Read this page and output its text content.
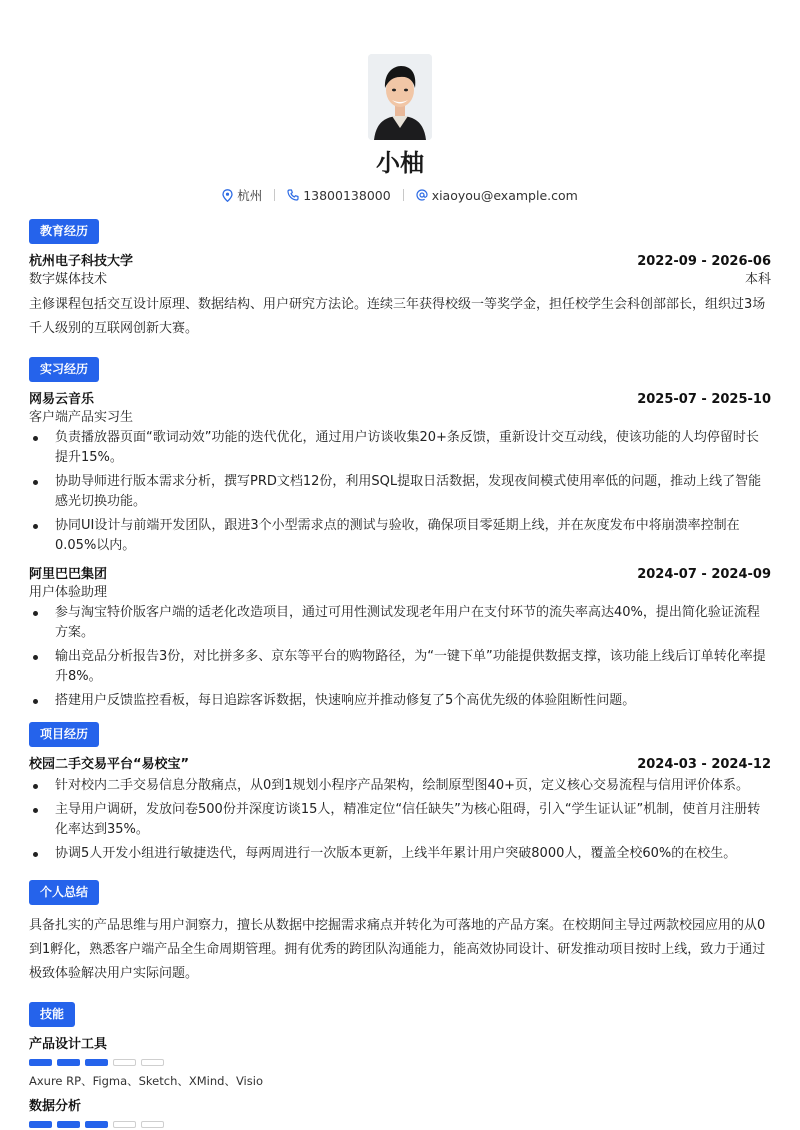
小柚
杭州	13800138000	xiaoyou@example.com
教育经历
杭州电子科技大学	2022-09 - 2026-06
数字媒体技术	本科
主修课程包括交互设计原理、数据结构、用户研究方法论。连续三年获得校级一等奖学金，担任校学生会科创部部长，组织过3场千人级别的互联网创新大赛。
实习经历
网易云音乐	2025-07 - 2025-10
客户端产品实习生
负责播放器页面“歌词动效”功能的迭代优化，通过用户访谈收集20+条反馈，重新设计交互动线，使该功能的人均停留时长提升15%。
协助导师进行版本需求分析，撰写PRD文档12份，利用SQL提取日活数据，发现夜间模式使用率低的问题，推动上线了智能感光切换功能。
协同UI设计与前端开发团队，跟进3个小型需求点的测试与验收，确保项目零延期上线，并在灰度发布中将崩溃率控制在0.05%以内。
阿里巴巴集团	2024-07 - 2024-09
用户体验助理
参与淘宝特价版客户端的适老化改造项目，通过可用性测试发现老年用户在支付环节的流失率高达40%，提出简化验证流程方案。
输出竞品分析报告3份，对比拼多多、京东等平台的购物路径，为“一键下单”功能提供数据支撑，该功能上线后订单转化率提升8%。
搭建用户反馈监控看板，每日追踪客诉数据，快速响应并推动修复了5个高优先级的体验阻断性问题。
项目经历
校园二手交易平台“易校宝”	2024-03 - 2024-12
针对校内二手交易信息分散痛点，从0到1规划小程序产品架构，绘制原型图40+页，定义核心交易流程与信用评价体系。
主导用户调研，发放问卷500份并深度访谈15人，精准定位“信任缺失”为核心阻碍，引入“学生证认证”机制，使首月注册转化率达到35%。
协调5人开发小组进行敏捷迭代，每两周进行一次版本更新，上线半年累计用户突破8000人，覆盖全校60%的在校生。
个人总结
具备扎实的产品思维与用户洞察力，擅长从数据中挖掘需求痛点并转化为可落地的产品方案。在校期间主导过两款校园应用的从0到1孵化，熟悉客户端产品全生命周期管理。拥有优秀的跨团队沟通能力，能高效协同设计、研发推动项目按时上线，致力于通过极致体验解决用户实际问题。
技能
产品设计工具
Axure RP、Figma、Sketch、XMind、Visio
数据分析
